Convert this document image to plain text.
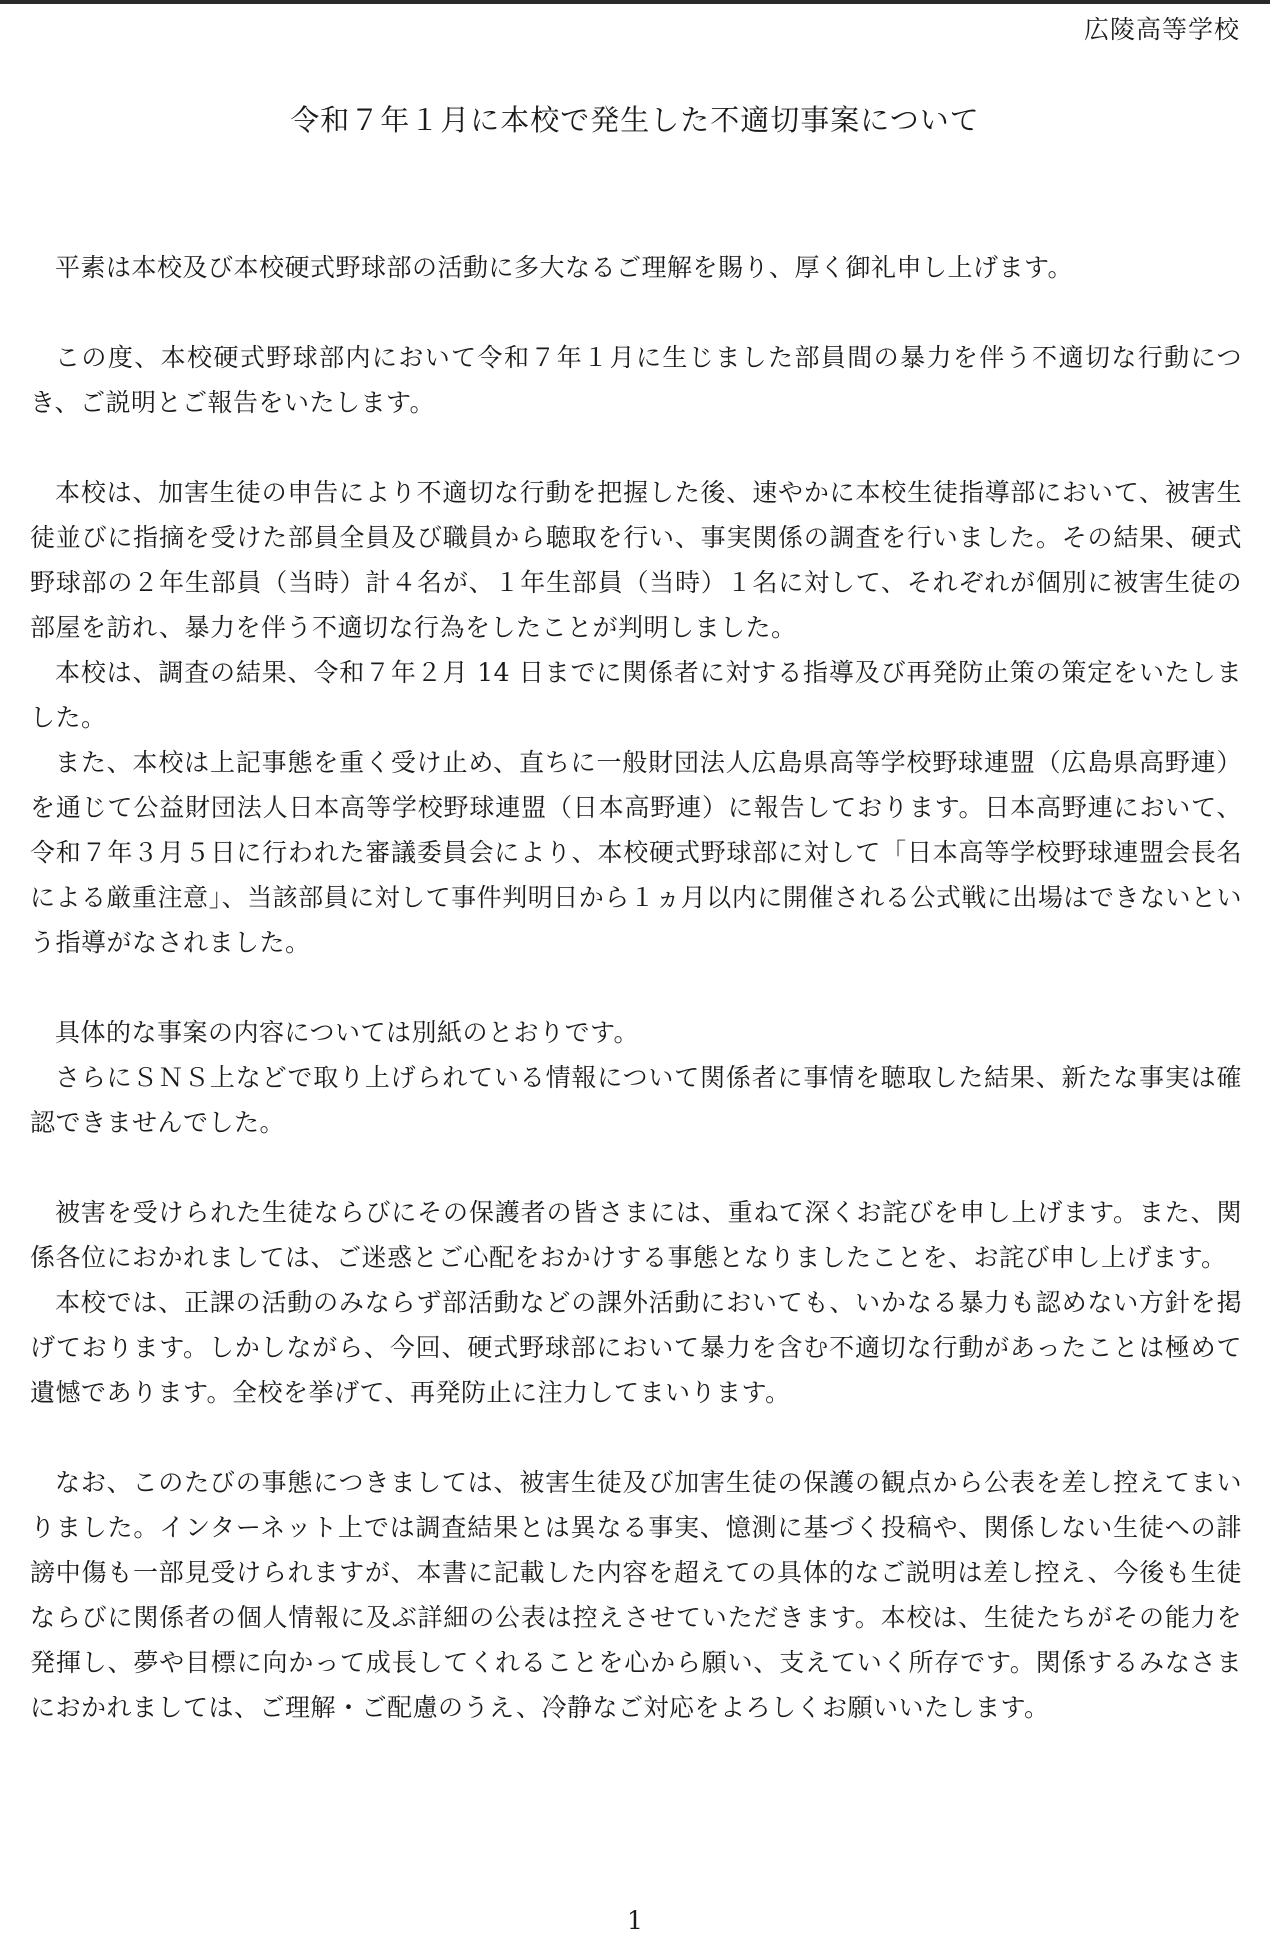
広陵高等学校
令和７年１月に本校で発生した不適切事案について

平素は本校及び本校硬式野球部の活動に多大なるご理解を賜り、厚く御礼申し上げます。

この度、本校硬式野球部内において令和７年１月に生じました部員間の暴力を伴う不適切な行動につき、ご説明とご報告をいたします。

本校は、加害生徒の申告により不適切な行動を把握した後、速やかに本校生徒指導部において、被害生徒並びに指摘を受けた部員全員及び職員から聴取を行い、事実関係の調査を行いました。その結果、硬式野球部の２年生部員（当時）計４名が、１年生部員（当時）１名に対して、それぞれが個別に被害生徒の部屋を訪れ、暴力を伴う不適切な行為をしたことが判明しました。

本校は、調査の結果、令和７年２月 14 日までに関係者に対する指導及び再発防止策の策定をいたしました。

また、本校は上記事態を重く受け止め、直ちに一般財団法人広島県高等学校野球連盟（広島県高野連）を通じて公益財団法人日本高等学校野球連盟（日本高野連）に報告しております。日本高野連において、令和７年３月５日に行われた審議委員会により、本校硬式野球部に対して「日本高等学校野球連盟会長名による厳重注意」、当該部員に対して事件判明日から１ヵ月以内に開催される公式戦に出場はできないという指導がなされました。

具体的な事案の内容については別紙のとおりです。

さらにＳＮＳ上などで取り上げられている情報について関係者に事情を聴取した結果、新たな事実は確認できませんでした。

被害を受けられた生徒ならびにその保護者の皆さまには、重ねて深くお詫びを申し上げます。また、関係各位におかれましては、ご迷惑とご心配をおかけする事態となりましたことを、お詫び申し上げます。

本校では、正課の活動のみならず部活動などの課外活動においても、いかなる暴力も認めない方針を掲げております。しかしながら、今回、硬式野球部において暴力を含む不適切な行動があったことは極めて遺憾であります。全校を挙げて、再発防止に注力してまいります。

なお、このたびの事態につきましては、被害生徒及び加害生徒の保護の観点から公表を差し控えてまいりました。インターネット上では調査結果とは異なる事実、憶測に基づく投稿や、関係しない生徒への誹謗中傷も一部見受けられますが、本書に記載した内容を超えての具体的なご説明は差し控え、今後も生徒ならびに関係者の個人情報に及ぶ詳細の公表は控えさせていただきます。本校は、生徒たちがその能力を発揮し、夢や目標に向かって成長してくれることを心から願い、支えていく所存です。関係するみなさまにおかれましては、ご理解・ご配慮のうえ、冷静なご対応をよろしくお願いいたします。

1
